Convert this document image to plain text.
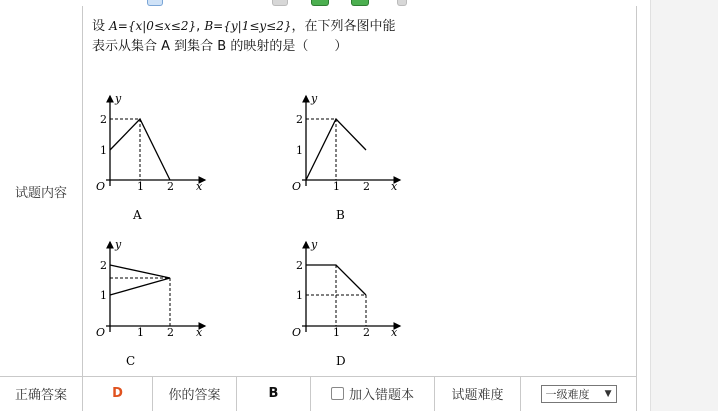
试题内容
设 A={x|0≤x≤2}, B={y|1≤y≤2}，在下列各图中能
表示从集合 A 到集合 B 的映射的是（　　）
O	1 2 x
y
2
1
A
O	1 2 x
y
2
1
B
O	1 2 x
y
2
1
C
O	1 2 x
y
2
1
D
正确答案	D	你的答案	B	加入错题本	试题难度	一级难度 ▼
